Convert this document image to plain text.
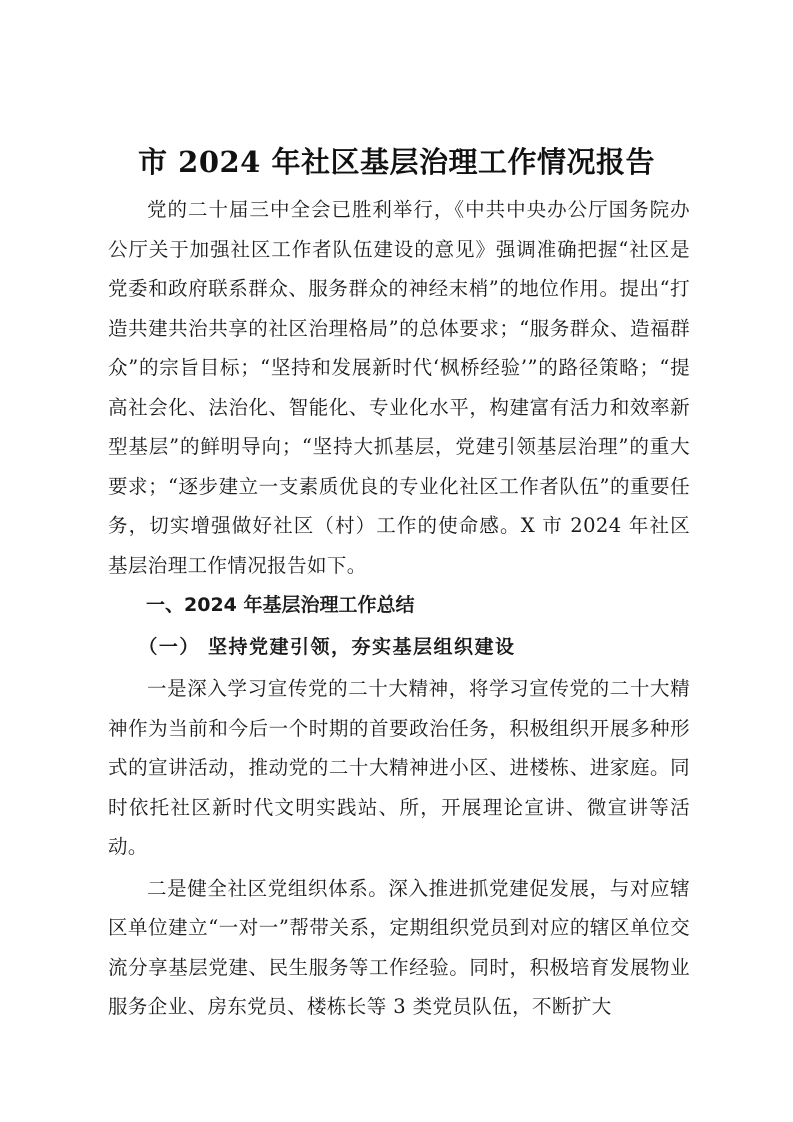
市 2024 年社区基层治理工作情况报告

党的二十届三中全会已胜利举行，《中共中央办公厅国务院办公厅关于加强社区工作者队伍建设的意见》强调准确把握“社区是党委和政府联系群众、服务群众的神经末梢”的地位作用。提出“打造共建共治共享的社区治理格局”的总体要求；“服务群众、造福群众”的宗旨目标；“坚持和发展新时代‘枫桥经验’”的路径策略；“提高社会化、法治化、智能化、专业化水平，构建富有活力和效率新型基层”的鲜明导向；“坚持大抓基层，党建引领基层治理”的重大要求；“逐步建立一支素质优良的专业化社区工作者队伍”的重要任务，切实增强做好社区（村）工作的使命感。X 市 2024 年社区基层治理工作情况报告如下。

一、2024 年基层治理工作总结

（一） 坚持党建引领，夯实基层组织建设

一是深入学习宣传党的二十大精神，将学习宣传党的二十大精神作为当前和今后一个时期的首要政治任务，积极组织开展多种形式的宣讲活动，推动党的二十大精神进小区、进楼栋、进家庭。同时依托社区新时代文明实践站、所，开展理论宣讲、微宣讲等活动。

二是健全社区党组织体系。深入推进抓党建促发展，与对应辖区单位建立“一对一”帮带关系，定期组织党员到对应的辖区单位交流分享基层党建、民生服务等工作经验。同时，积极培育发展物业服务企业、房东党员、楼栋长等 3 类党员队伍，不断扩大
